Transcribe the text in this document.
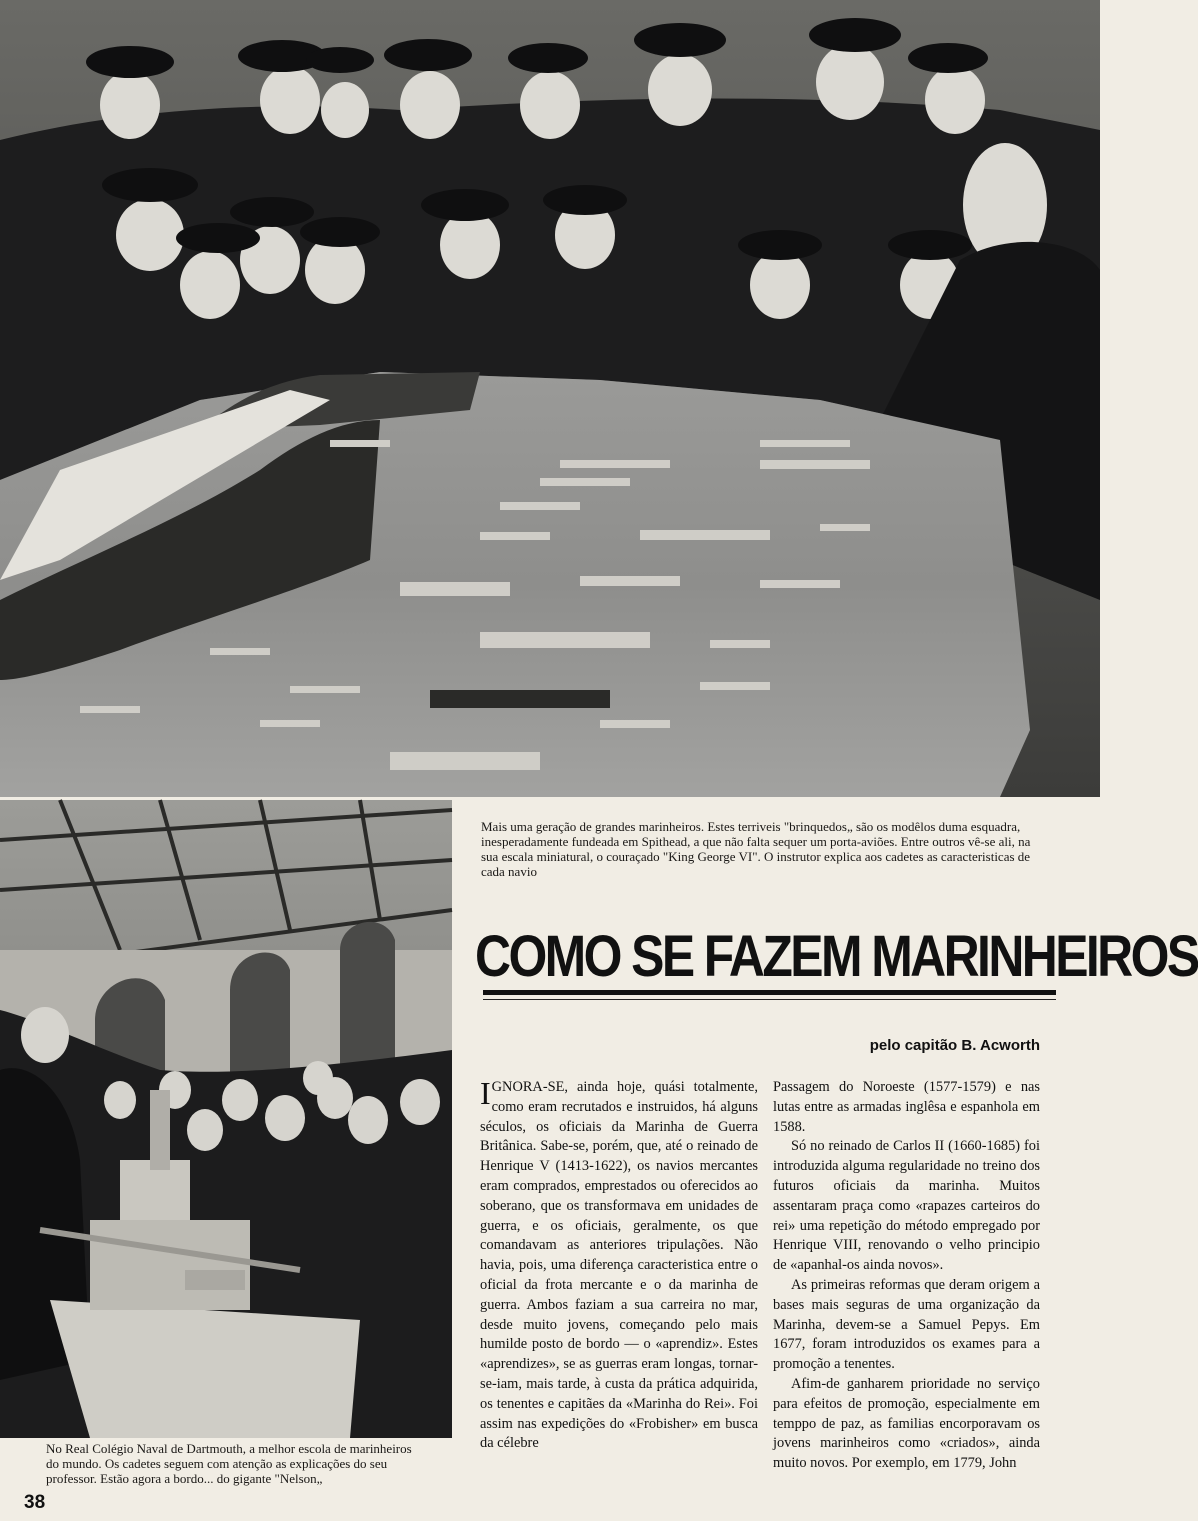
Mais uma geração de grandes marinheiros. Estes terriveis "brinquedos„ são os modêlos duma esquadra, inesperadamente fundeada em Spithead, a que não falta sequer um porta-aviões. Entre outros vê-se ali, na sua escala miniatural, o couraçado "King George VI". O instrutor explica aos cadetes as caracteristicas de cada navio
No Real Colégio Naval de Dartmouth, a melhor escola de marinheiros do mundo. Os cadetes seguem com atenção as explicações do seu professor. Estão agora a bordo... do gigante "Nelson„
38
COMO SE FAZEM MARINHEIROS
pelo capitão B. Acworth

IGNORA-SE, ainda hoje, quási totalmente, como eram recrutados e instruidos, há alguns séculos, os oficiais da Marinha de Guerra Britânica. Sabe-se, porém, que, até o reinado de Henrique V (1413-1622), os navios mercantes eram comprados, emprestados ou oferecidos ao soberano, que os transformava em unidades de guerra, e os oficiais, geralmente, os que comandavam as anteriores tripulações. Não havia, pois, uma diferença caracteristica entre o oficial da frota mercante e o da marinha de guerra. Ambos faziam a sua carreira no mar, desde muito jovens, começando pelo mais humilde posto de bordo — o «aprendiz». Estes «aprendizes», se as guerras eram longas, tornar-se-iam, mais tarde, à custa da prática adquirida, os tenentes e capitães da «Marinha do Rei». Foi assim nas expedições do «Frobisher» em busca da célebre

Passagem do Noroeste (1577-1579) e nas lutas entre as armadas inglêsa e espanhola em 1588.

Só no reinado de Carlos II (1660-1685) foi introduzida alguma regularidade no treino dos futuros oficiais da marinha. Muitos assentaram praça como «rapazes carteiros do rei» uma repetição do método empregado por Henrique VIII, renovando o velho principio de «apanhal-os ainda novos».

As primeiras reformas que deram origem a bases mais seguras de uma organização da Marinha, devem-se a Samuel Pepys. Em 1677, foram introduzidos os exames para a promoção a tenentes.

Afim-de ganharem prioridade no serviço para efeitos de promoção, especialmente em temppo de paz, as familias encorporavam os jovens marinheiros como «criados», ainda muito novos. Por exemplo, em 1779, John
